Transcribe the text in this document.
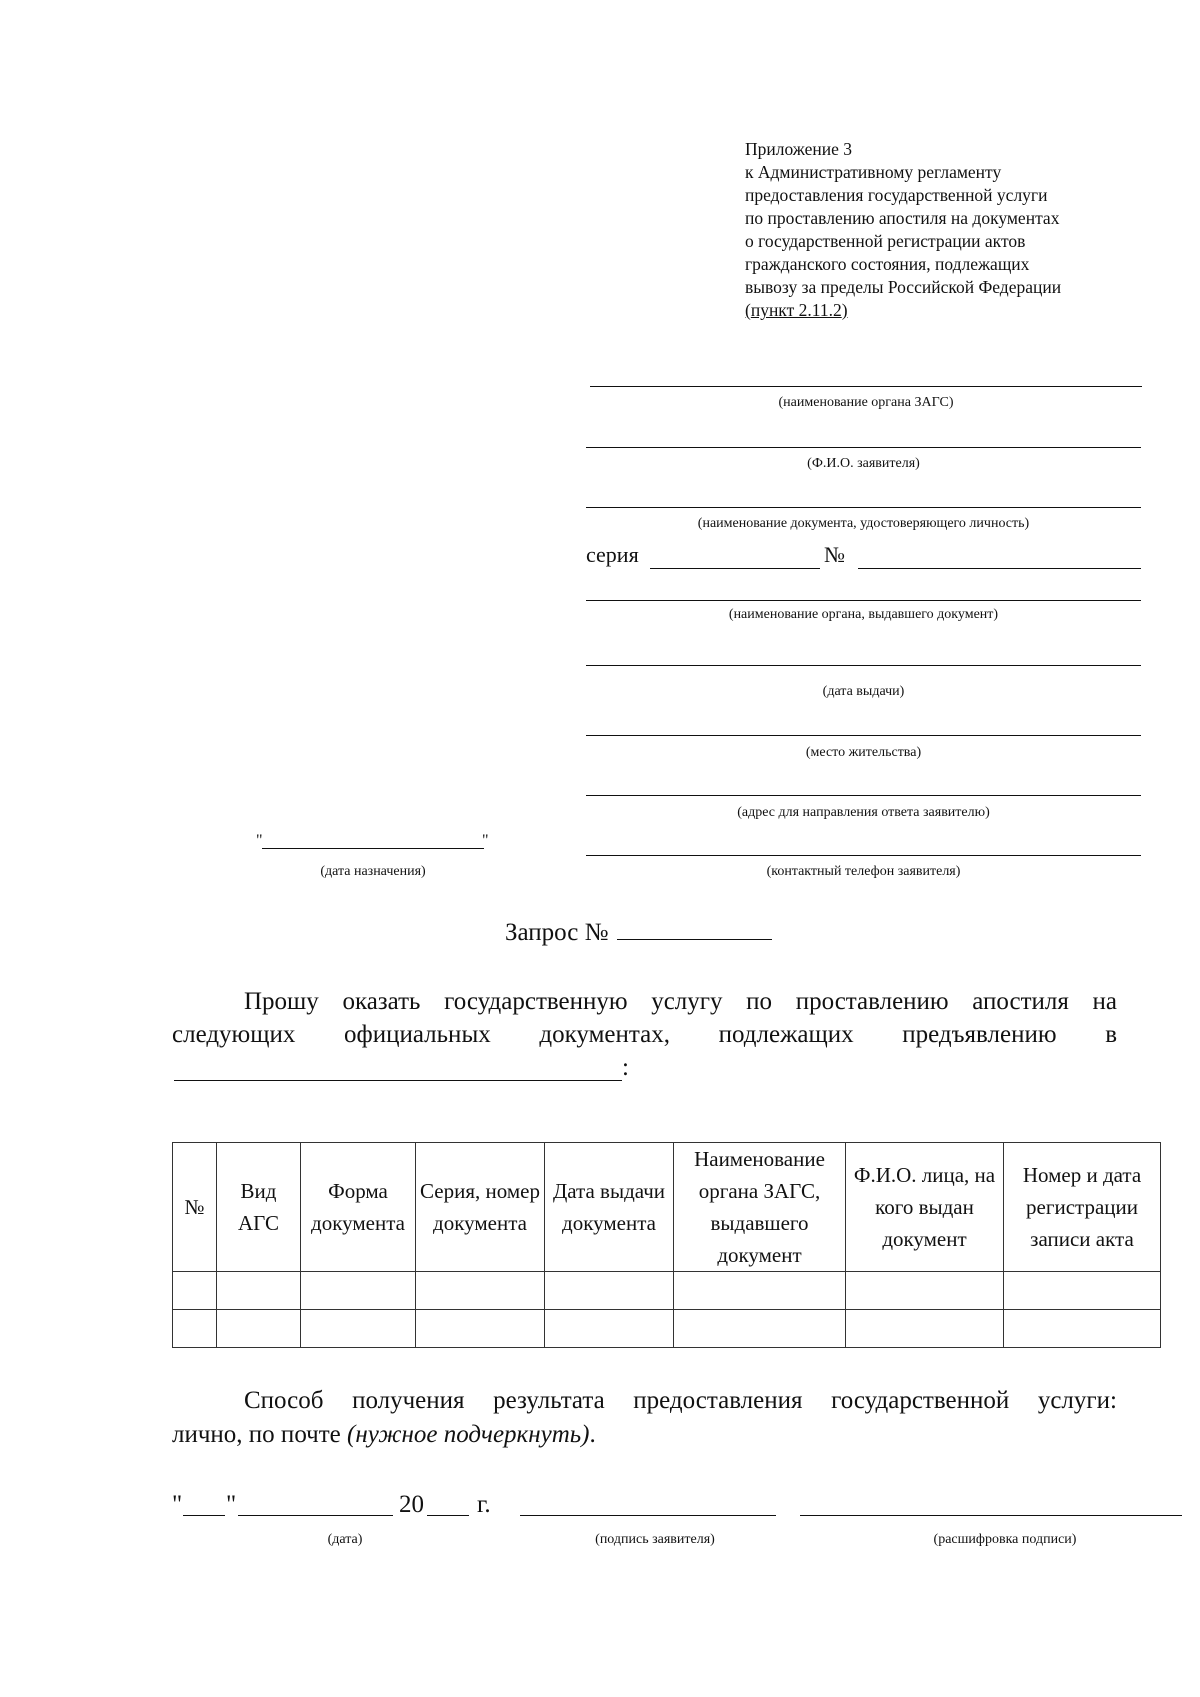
Приложение 3
к Административному регламенту
предоставления государственной услуги
по проставлению апостиля на документах
о государственной регистрации актов
гражданского состояния, подлежащих
вывозу за пределы Российской Федерации
(пункт 2.11.2)
(наименование органа ЗАГС)
(Ф.И.О. заявителя)
(наименование документа, удостоверяющего личность)
серия	№
(наименование органа, выдавшего документ)
(дата выдачи)
(место жительства)
(адрес для направления ответа заявителю)
(контактный телефон заявителя)
"	"
(дата назначения)
Запрос №
Прошу оказать государственную услугу по проставлению апостиля на
следующих официальных документах, подлежащих предъявлению в
:
№	Вид АГС	Форма документа	Серия, номер документа	Дата выдачи документа	Наименование органа ЗАГС, выдавшего документ	Ф.И.О. лица, на кого выдан документ	Номер и дата регистрации записи акта

Способ получения результата предоставления государственной услуги:
лично, по почте (нужное подчеркнуть).
" "	20 г.
(дата)	(подпись заявителя)	(расшифровка подписи)
